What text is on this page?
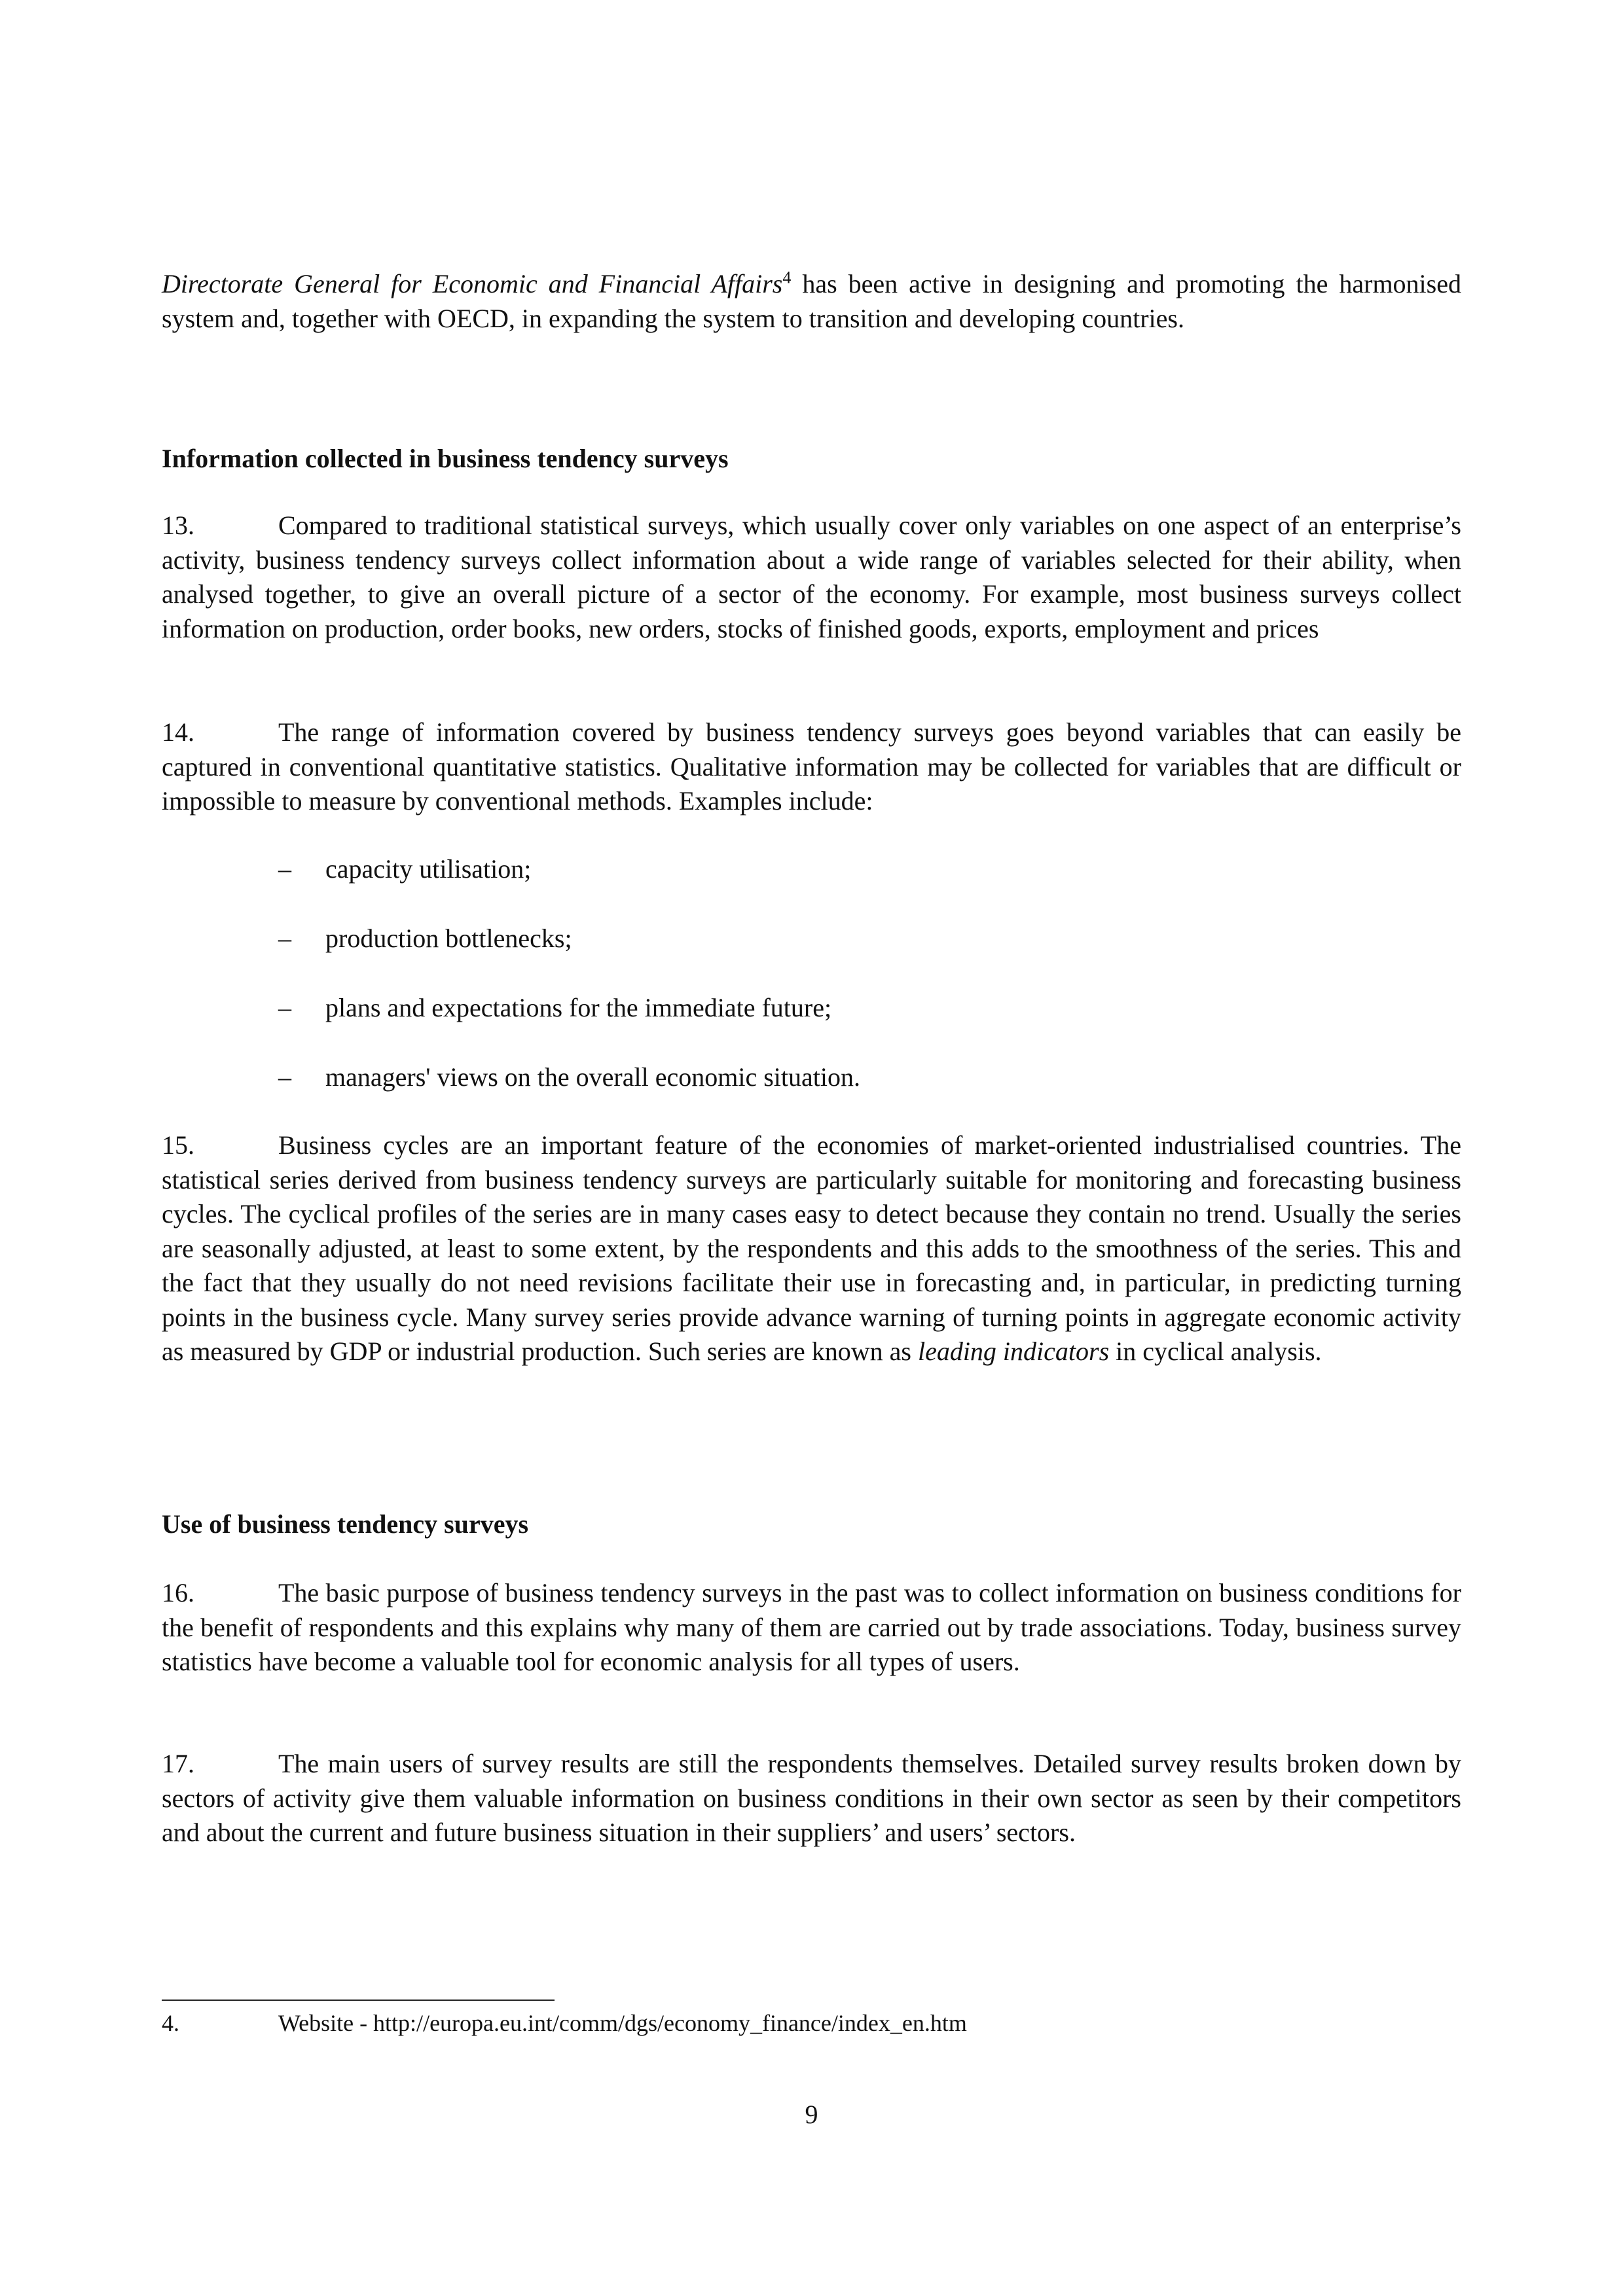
Directorate General for Economic and Financial Affairs$^4$ has been active in designing and promoting the harmonised system and, together with OECD, in expanding the system to transition and developing countries.

Information collected in business tendency surveys

13.	Compared to traditional statistical surveys, which usually cover only variables on one aspect of an enterprise’s activity, business tendency surveys collect information about a wide range of variables selected for their ability, when analysed together, to give an overall picture of a sector of the economy. For example, most business surveys collect information on production, order books, new orders, stocks of finished goods, exports, employment and prices

14.	The range of information covered by business tendency surveys goes beyond variables that can easily be captured in conventional quantitative statistics. Qualitative information may be collected for variables that are difficult or impossible to measure by conventional methods. Examples include:

– capacity utilisation;
– production bottlenecks;
– plans and expectations for the immediate future;
– managers' views on the overall economic situation.

15.	Business cycles are an important feature of the economies of market-oriented industrialised countries. The statistical series derived from business tendency surveys are particularly suitable for monitoring and forecasting business cycles. The cyclical profiles of the series are in many cases easy to detect because they contain no trend. Usually the series are seasonally adjusted, at least to some extent, by the respondents and this adds to the smoothness of the series. This and the fact that they usually do not need revisions facilitate their use in forecasting and, in particular, in predicting turning points in the business cycle. Many survey series provide advance warning of turning points in aggregate economic activity as measured by GDP or industrial production. Such series are known as leading indicators in cyclical analysis.

Use of business tendency surveys

16.	The basic purpose of business tendency surveys in the past was to collect information on business conditions for the benefit of respondents and this explains why many of them are carried out by trade associations. Today, business survey statistics have become a valuable tool for economic analysis for all types of users.

17.	The main users of survey results are still the respondents themselves. Detailed survey results broken down by sectors of activity give them valuable information on business conditions in their own sector as seen by their competitors and about the current and future business situation in their suppliers’ and users’ sectors.

4.	Website - http://europa.eu.int/comm/dgs/economy_finance/index_en.htm

9
